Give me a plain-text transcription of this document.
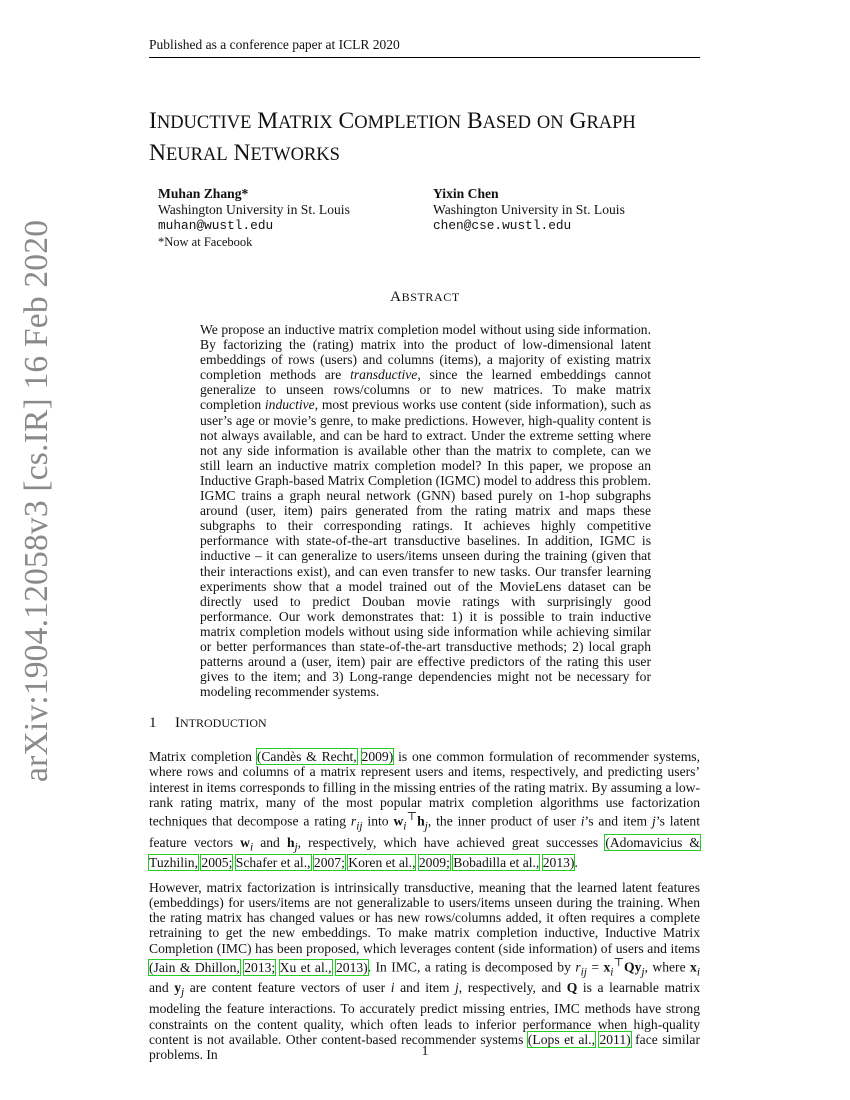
Published as a conference paper at ICLR 2020
arXiv:1904.12058v3 [cs.IR] 16 Feb 2020
INDUCTIVE MATRIX COMPLETION BASED ON GRAPH
NEURAL NETWORKS
Muhan Zhang*
Washington University in St. Louis
muhan@wustl.edu
*Now at Facebook
Yixin Chen
Washington University in St. Louis
chen@cse.wustl.edu
ABSTRACT
We propose an inductive matrix completion model without using side information. By factorizing the (rating) matrix into the product of low-dimensional latent embeddings of rows (users) and columns (items), a majority of existing matrix completion methods are transductive, since the learned embeddings cannot generalize to unseen rows/columns or to new matrices. To make matrix completion inductive, most previous works use content (side information), such as user’s age or movie’s genre, to make predictions. However, high-quality content is not always available, and can be hard to extract. Under the extreme setting where not any side information is available other than the matrix to complete, can we still learn an inductive matrix completion model? In this paper, we propose an Inductive Graph-based Matrix Completion (IGMC) model to address this problem. IGMC trains a graph neural network (GNN) based purely on 1-hop subgraphs around (user, item) pairs generated from the rating matrix and maps these subgraphs to their corresponding ratings. It achieves highly competitive performance with state-of-the-art transductive baselines. In addition, IGMC is inductive – it can generalize to users/items unseen during the training (given that their interactions exist), and can even transfer to new tasks. Our transfer learning experiments show that a model trained out of the MovieLens dataset can be directly used to predict Douban movie ratings with surprisingly good performance. Our work demonstrates that: 1) it is possible to train inductive matrix completion models without using side information while achieving similar or better performances than state-of-the-art transductive methods; 2) local graph patterns around a (user, item) pair are effective predictors of the rating this user gives to the item; and 3) Long-range dependencies might not be necessary for modeling recommender systems.
1 INTRODUCTION

Matrix completion (Candès & Recht, 2009) is one common formulation of recommender systems, where rows and columns of a matrix represent users and items, respectively, and predicting users’ interest in items corresponds to filling in the missing entries of the rating matrix. By assuming a low-rank rating matrix, many of the most popular matrix completion algorithms use factorization techniques that decompose a rating $r_{ij}$ into $w_i^⊤h_j$, the inner product of user i’s and item j’s latent feature vectors $w_i$ and $h_j$, respectively, which have achieved great successes (Adomavicius & Tuzhilin, 2005; Schafer et al., 2007; Koren et al., 2009; Bobadilla et al., 2013).

However, matrix factorization is intrinsically transductive, meaning that the learned latent features (embeddings) for users/items are not generalizable to users/items unseen during the training. When the rating matrix has changed values or has new rows/columns added, it often requires a complete retraining to get the new embeddings. To make matrix completion inductive, Inductive Matrix Completion (IMC) has been proposed, which leverages content (side information) of users and items (Jain & Dhillon, 2013; Xu et al., 2013). In IMC, a rating is decomposed by $r_{ij} = x_i^⊤Qy_j$, where $x_i$ and $y_j$ are content feature vectors of user i and item j, respectively, and Q is a learnable matrix modeling the feature interactions. To accurately predict missing entries, IMC methods have strong constraints on the content quality, which often leads to inferior performance when high-quality content is not available. Other content-based recommender systems (Lops et al., 2011) face similar problems. In	1
